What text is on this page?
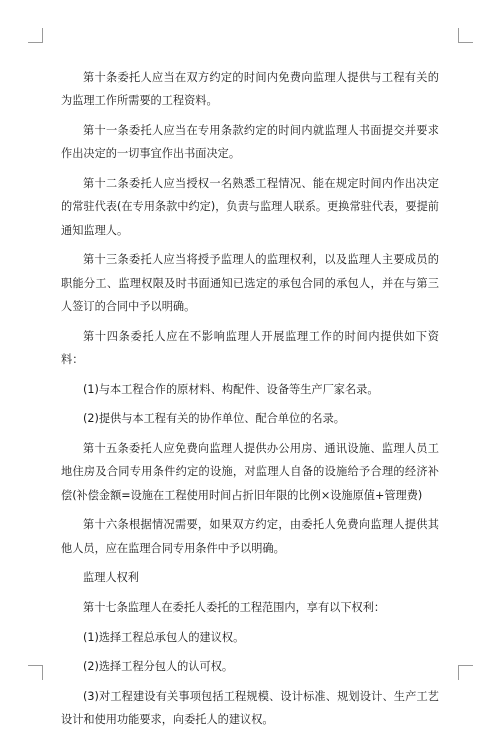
第十条委托人应当在双方约定的时间内免费向监理人提供与工程有关的为监理工作所需要的工程资料。

第十一条委托人应当在专用条款约定的时间内就监理人书面提交并要求作出决定的一切事宜作出书面决定。

第十二条委托人应当授权一名熟悉工程情况、能在规定时间内作出决定的常驻代表(在专用条款中约定)，负责与监理人联系。更换常驻代表，要提前通知监理人。

第十三条委托人应当将授予监理人的监理权利，以及监理人主要成员的职能分工、监理权限及时书面通知已选定的承包合同的承包人，并在与第三人签订的合同中予以明确。

第十四条委托人应在不影响监理人开展监理工作的时间内提供如下资料：

(1)与本工程合作的原材料、构配件、设备等生产厂家名录。

(2)提供与本工程有关的协作单位、配合单位的名录。

第十五条委托人应免费向监理人提供办公用房、通讯设施、监理人员工地住房及合同专用条件约定的设施，对监理人自备的设施给予合理的经济补偿(补偿金额=设施在工程使用时间占折旧年限的比例×设施原值+管理费)

第十六条根据情况需要，如果双方约定，由委托人免费向监理人提供其他人员，应在监理合同专用条件中予以明确。

监理人权利

第十七条监理人在委托人委托的工程范围内，享有以下权利：

(1)选择工程总承包人的建议权。

(2)选择工程分包人的认可权。

(3)对工程建设有关事项包括工程规模、设计标准、规划设计、生产工艺设计和使用功能要求，向委托人的建议权。
